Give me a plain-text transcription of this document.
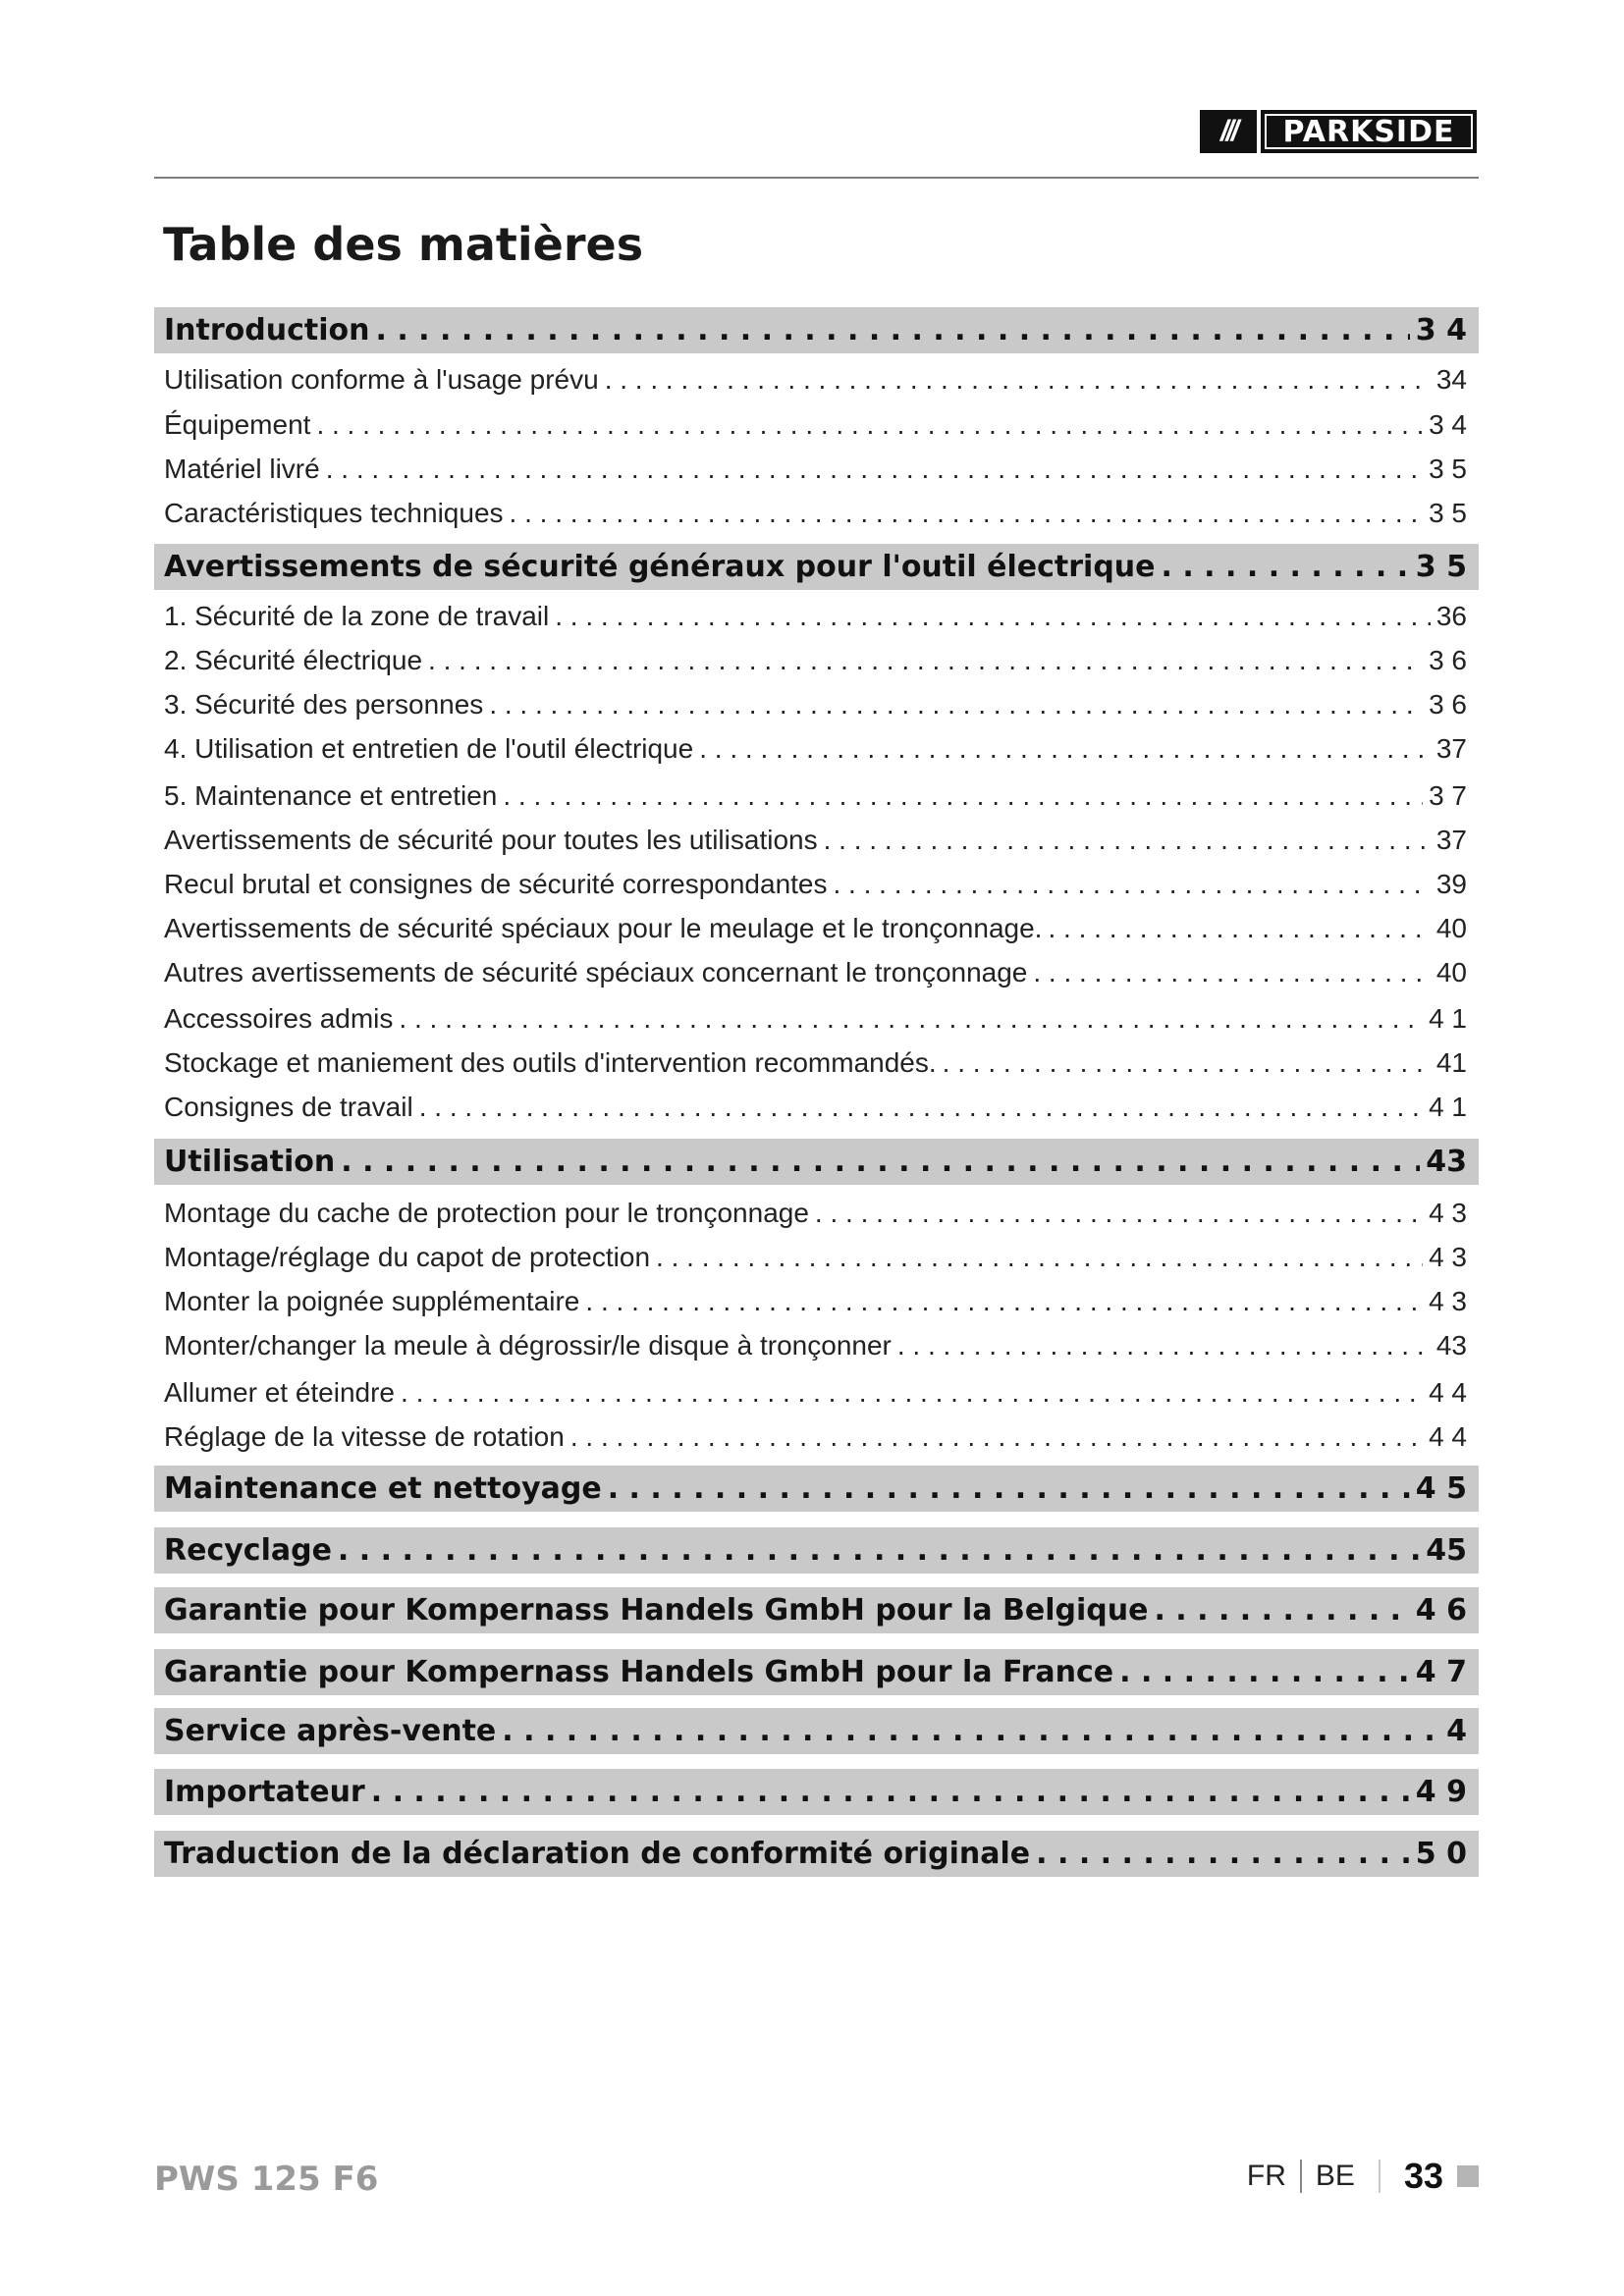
///	PARKSIDE
Table des matières
Introduction . . .	3 4
Utilisation conforme à l'usage prévu . . .	34
Équipement . . .	3 4
Matériel livré . . .	3 5
Caractéristiques techniques . . .	3 5
Avertissements de sécurité généraux pour l'outil électrique . . .	3 5
1. Sécurité de la zone de travail . . .	36
2. Sécurité électrique . . .	3 6
3. Sécurité des personnes . . .	3 6
4. Utilisation et entretien de l'outil électrique . . .	37
5. Maintenance et entretien . . .	3 7
Avertissements de sécurité pour toutes les utilisations . . .	37
Recul brutal et consignes de sécurité correspondantes . . .	39
Avertissements de sécurité spéciaux pour le meulage et le tronçonnage. . . .	40
Autres avertissements de sécurité spéciaux concernant le tronçonnage . . .	40
Accessoires admis . . .	4 1
Stockage et maniement des outils d'intervention recommandés. . . .	41
Consignes de travail . . .	4 1
Utilisation . . .	43
Montage du cache de protection pour le tronçonnage . . .	4 3
Montage/réglage du capot de protection . . .	4 3
Monter la poignée supplémentaire . . .	4 3
Monter/changer la meule à dégrossir/le disque à tronçonner . . .	43
Allumer et éteindre . . .	4 4
Réglage de la vitesse de rotation . . .	4 4
Maintenance et nettoyage . . .	4 5
Recyclage . . .	45
Garantie pour Kompernass Handels GmbH pour la Belgique . . .	4 6
Garantie pour Kompernass Handels GmbH pour la France . . .	4 7
Service après-vente . . .	4
Importateur . . .	4 9
Traduction de la déclaration de conformité originale . . .	5 0
PWS 125 F6	FR BE 33
